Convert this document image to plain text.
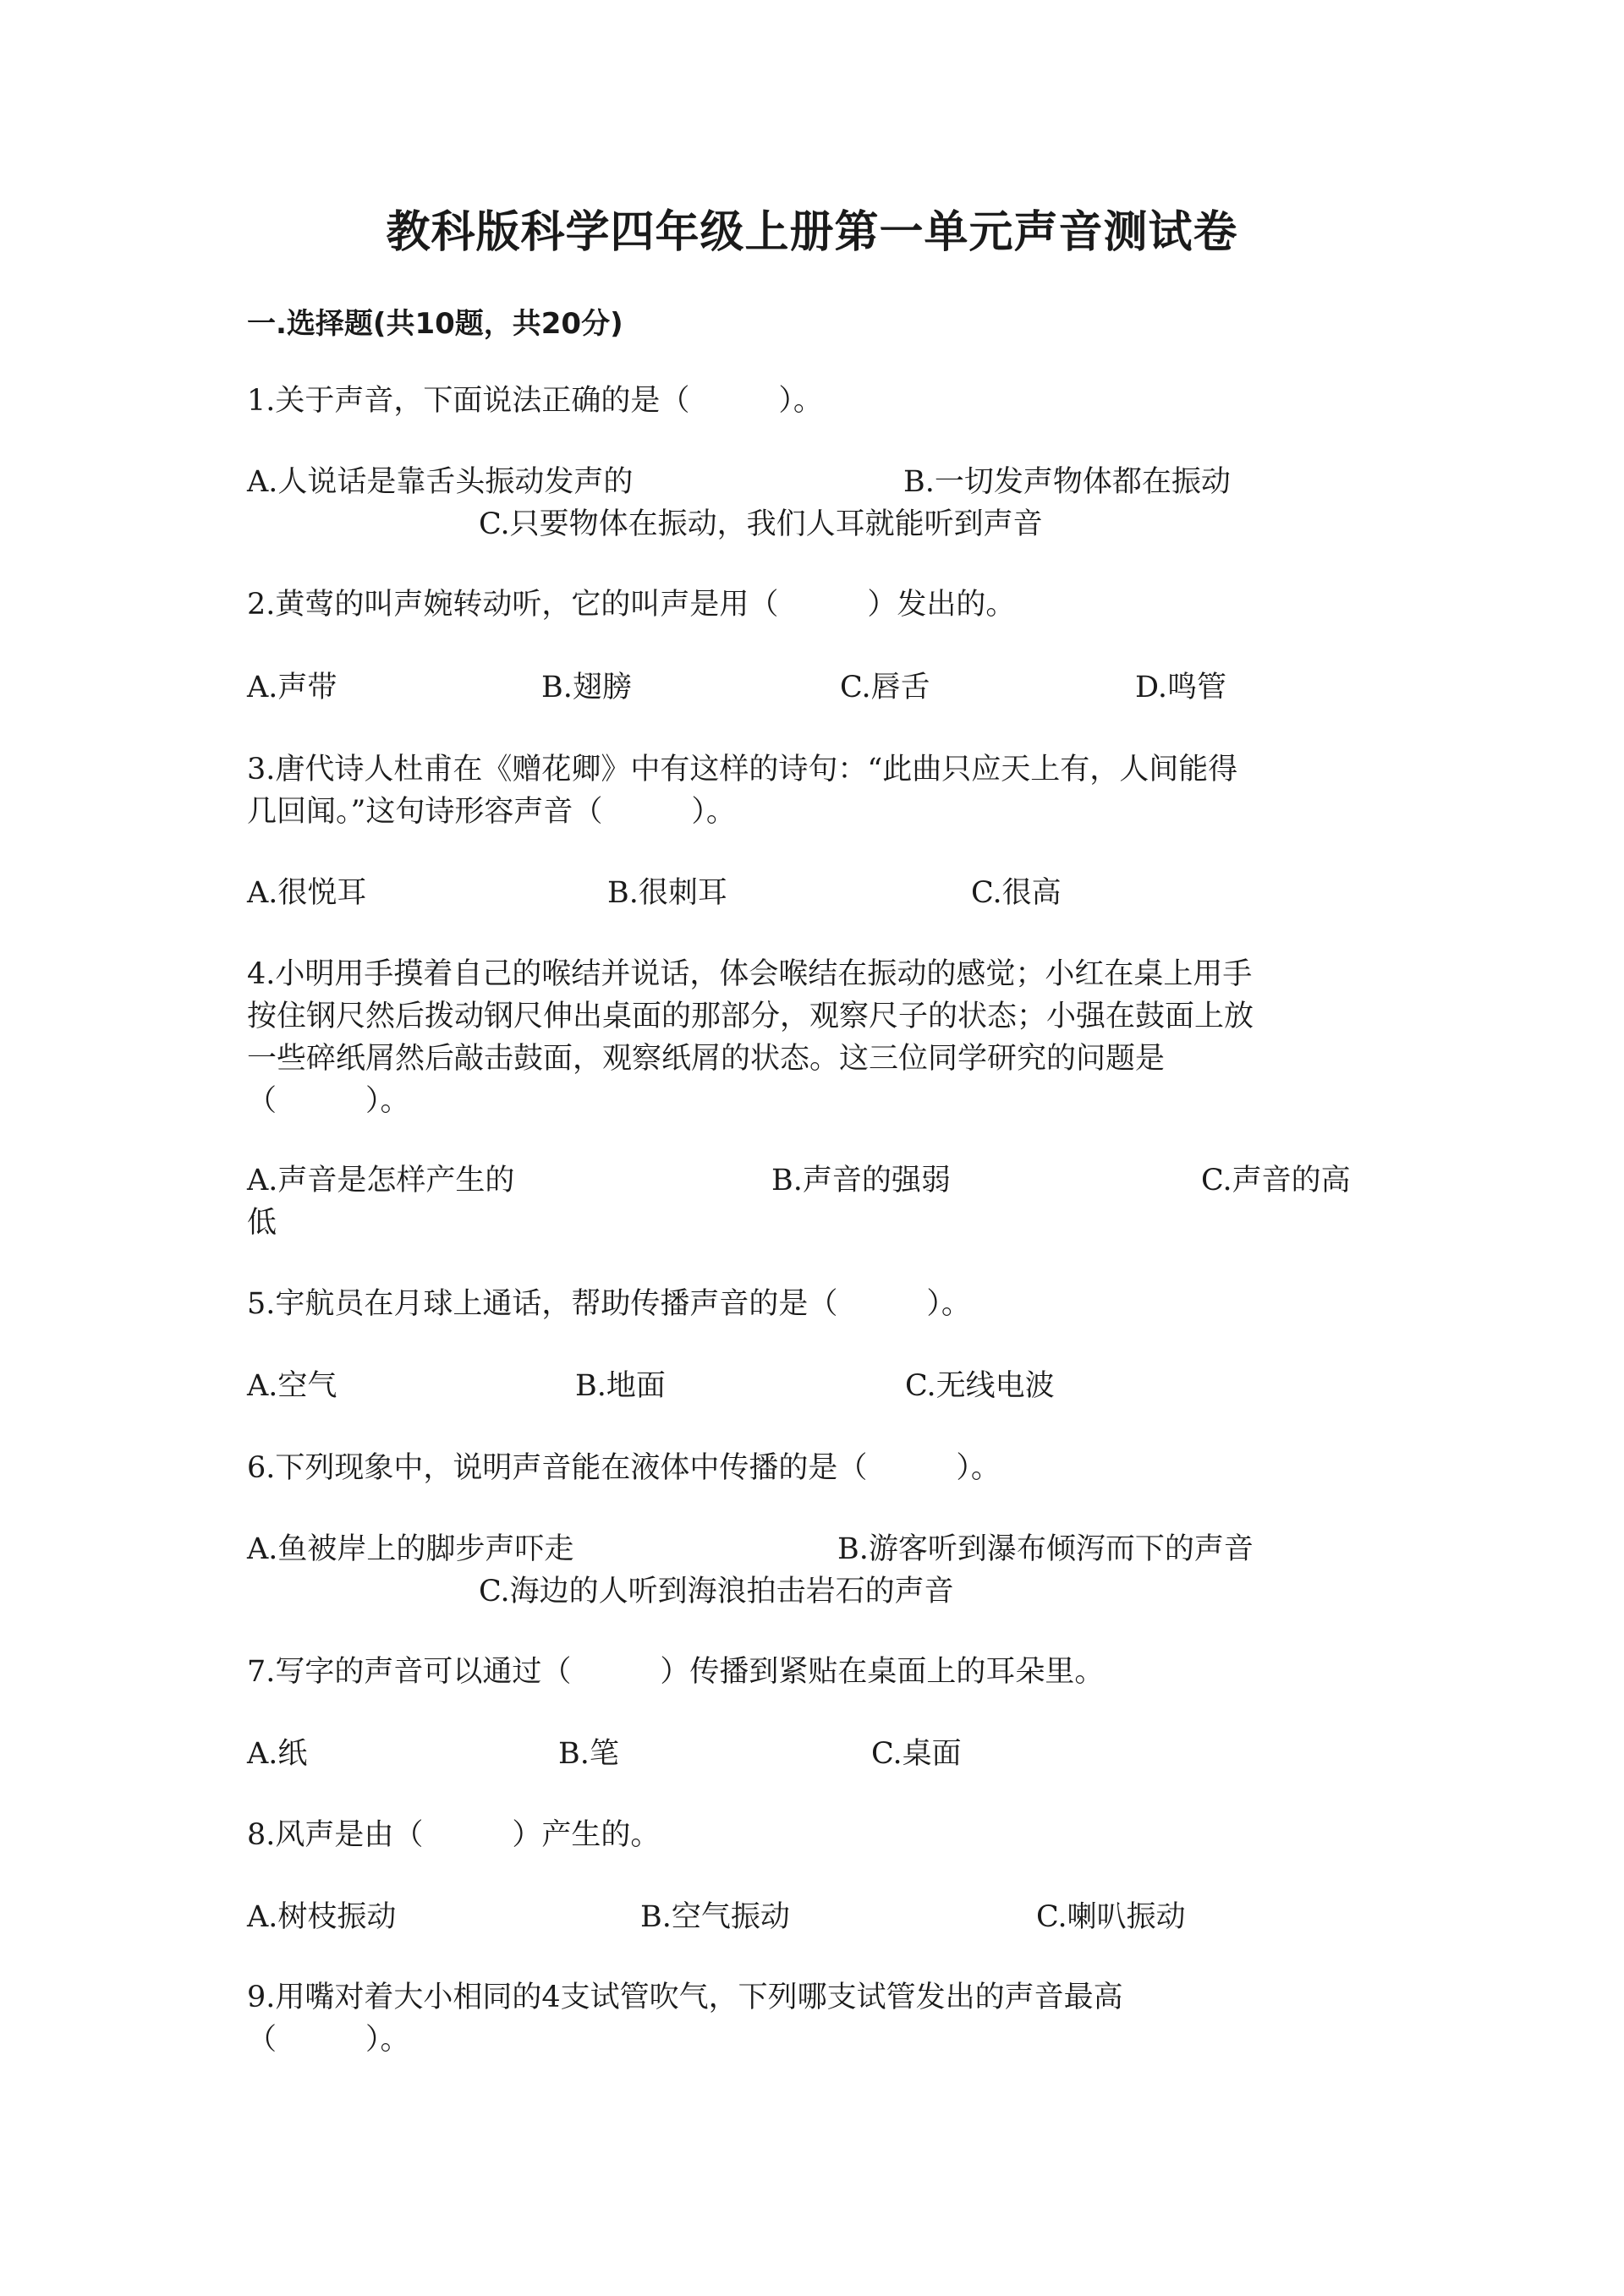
教科版科学四年级上册第一单元声音测试卷
一.选择题(共10题，共20分)
1.关于声音，下面说法正确的是（　　　）。
A.人说话是靠舌头振动发声的	B.一切发声物体都在振动
C.只要物体在振动，我们人耳就能听到声音
2.黄莺的叫声婉转动听，它的叫声是用（　　　）发出的。
A.声带	B.翅膀	C.唇舌	D.鸣管
3.唐代诗人杜甫在《赠花卿》中有这样的诗句：“此曲只应天上有，人间能得
几回闻。”这句诗形容声音（　　　）。
A.很悦耳	B.很刺耳	C.很高
4.小明用手摸着自己的喉结并说话，体会喉结在振动的感觉；小红在桌上用手
按住钢尺然后拨动钢尺伸出桌面的那部分，观察尺子的状态；小强在鼓面上放
一些碎纸屑然后敲击鼓面，观察纸屑的状态。这三位同学研究的问题是
（　　　）。
A.声音是怎样产生的	B.声音的强弱	C.声音的高
低
5.宇航员在月球上通话，帮助传播声音的是（　　　）。
A.空气	B.地面	C.无线电波
6.下列现象中，说明声音能在液体中传播的是（　　　）。
A.鱼被岸上的脚步声吓走	B.游客听到瀑布倾泻而下的声音
C.海边的人听到海浪拍击岩石的声音
7.写字的声音可以通过（　　　）传播到紧贴在桌面上的耳朵里。
A.纸	B.笔	C.桌面
8.风声是由（　　　）产生的。
A.树枝振动	B.空气振动	C.喇叭振动
9.用嘴对着大小相同的4支试管吹气，下列哪支试管发出的声音最高
（　　　）。
